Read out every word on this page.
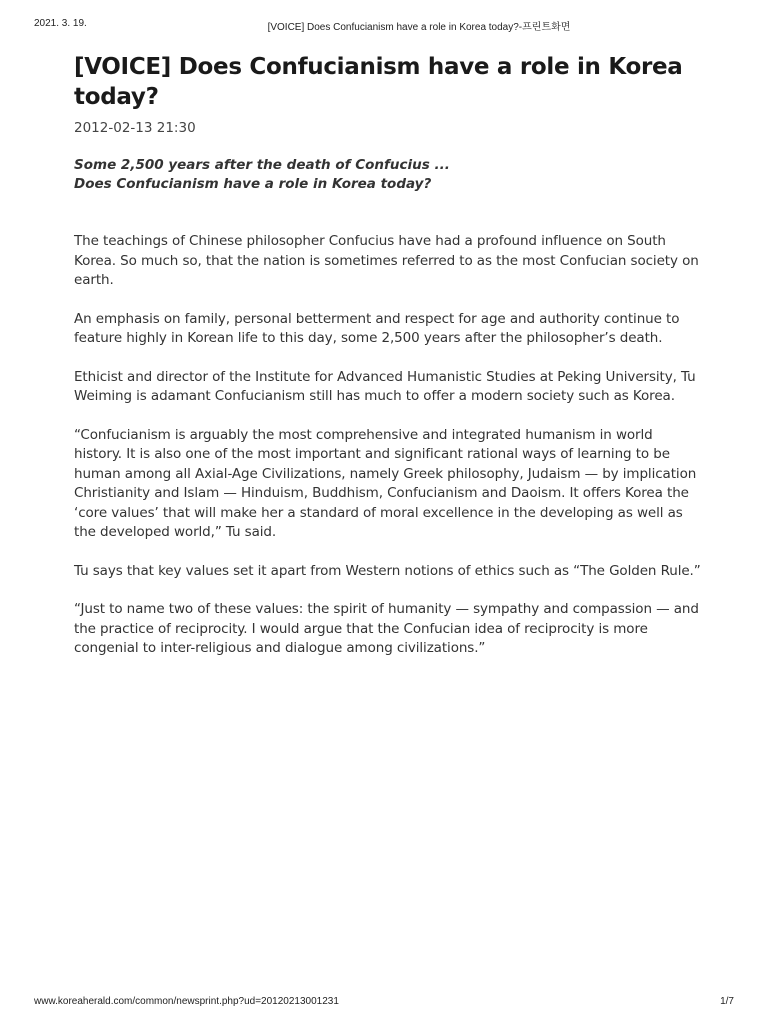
2021. 3. 19.	[VOICE] Does Confucianism have a role in Korea today?-프린트화면
[VOICE] Does Confucianism have a role in Korea today?
2012-02-13 21:30
Some 2,500 years after the death of Confucius ...
Does Confucianism have a role in Korea today?

The teachings of Chinese philosopher Confucius have had a profound influence on South Korea. So much so, that the nation is sometimes referred to as the most Confucian society on earth.

An emphasis on family, personal betterment and respect for age and authority continue to feature highly in Korean life to this day, some 2,500 years after the philosopher’s death.

Ethicist and director of the Institute for Advanced Humanistic Studies at Peking University, Tu Weiming is adamant Confucianism still has much to offer a modern society such as Korea.

“Confucianism is arguably the most comprehensive and integrated humanism in world history. It is also one of the most important and significant rational ways of learning to be human among all Axial-Age Civilizations, namely Greek philosophy, Judaism — by implication Christianity and Islam — Hinduism, Buddhism, Confucianism and Daoism. It offers Korea the ‘core values’ that will make her a standard of moral excellence in the developing as well as the developed world,” Tu said.

Tu says that key values set it apart from Western notions of ethics such as “The Golden Rule.”

“Just to name two of these values: the spirit of humanity — sympathy and compassion — and the practice of reciprocity. I would argue that the Confucian idea of reciprocity is more congenial to inter-religious and dialogue among civilizations.”

www.koreaherald.com/common/newsprint.php?ud=20120213001231	1/7
